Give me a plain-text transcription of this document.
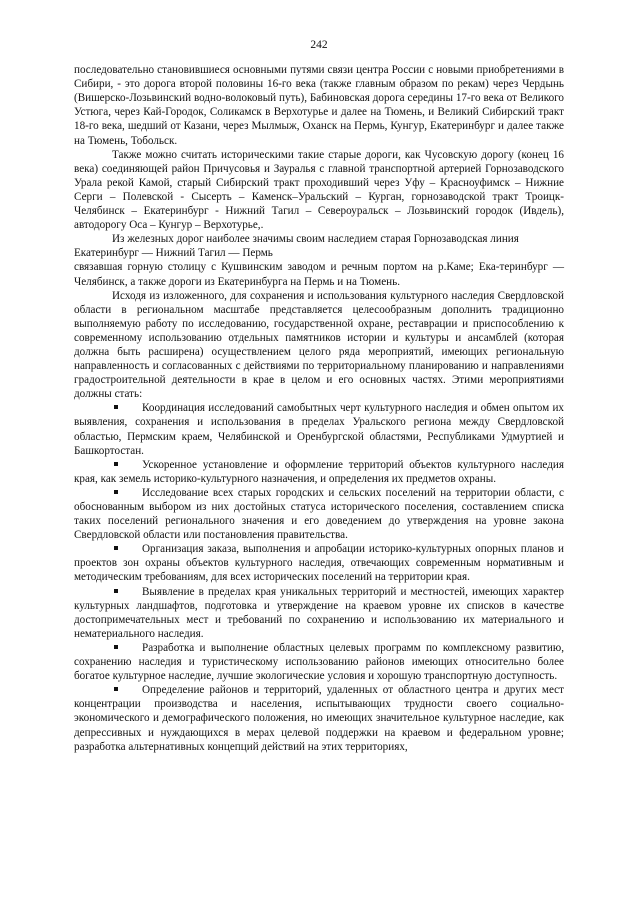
242

последовательно становившиеся основными путями связи центра России с новыми приобретениями в Сибири, - это дорога второй половины 16-го века (также главным образом по рекам) через Чердынь (Вишерско-Лозьвинский водно-волоковый путь), Бабиновская дорога середины 17-го века от Великого Устюга, через Кай-Городок, Соликамск в Верхотурье и далее на Тюмень, и Великий Сибирский тракт 18-го века, шедший от Казани, через Мылмыж, Оханск на Пермь, Кунгур, Екатеринбург и далее также на Тюмень, Тобольск.

Также можно считать историческими такие старые дороги, как Чусовскую дорогу (конец 16 века) соединяющей район Причусовья и Зауралья с главной транспортной артерией Горнозаводского Урала рекой Камой, старый Сибирский тракт проходивший через Уфу – Красноуфимск – Нижние Серги – Полевской - Сысерть – Каменск–Уральский – Курган, горнозаводской тракт Троицк- Челябинск – Екатеринбург - Нижний Тагил – Североуральск – Лозьвинский городок (Ивдель), автодорогу Оса – Кунгур – Верхотурье,.

Из железных дорог наиболее значимы своим наследием старая Горнозаводская линия Екатеринбург — Нижний Тагил — Пермь

связавшая горную столицу с Кушвинским заводом и речным портом на р.Каме; Ека-теринбург — Челябинск, а также дороги из Екатеринбурга на Пермь и на Тюмень.

Исходя из изложенного, для сохранения и использования культурного наследия Свердловской области в региональном масштабе представляется целесообразным дополнить традиционно выполняемую работу по исследованию, государственной охране, реставрации и приспособлению к современному использованию отдельных памятников истории и культуры и ансамблей (которая должна быть расширена) осуществлением целого ряда мероприятий, имеющих региональную направленность и согласованных с действиями по территориальному планированию и направлениями градостроительной деятельности в крае в целом и его основных частях. Этими мероприятиями должны стать:

Координация исследований самобытных черт культурного наследия и обмен опытом их выявления, сохранения и использования в пределах Уральского региона между Свердловской областью, Пермским краем, Челябинской и Оренбургской областями, Республиками Удмуртией и Башкортостан.

Ускоренное установление и оформление территорий объектов культурного наследия края, как земель историко-культурного назначения, и определения их предметов охраны.

Исследование всех старых городских и сельских поселений на территории области, с обоснованным выбором из них достойных статуса исторического поселения, составлением списка таких поселений регионального значения и его доведением до утверждения на уровне закона Свердловской области или постановления правительства.

Организация заказа, выполнения и апробации историко-культурных опорных планов и проектов зон охраны объектов культурного наследия, отвечающих современным нормативным и методическим требованиям, для всех исторических поселений на территории края.

Выявление в пределах края уникальных территорий и местностей, имеющих характер культурных ландшафтов, подготовка и утверждение на краевом уровне их списков в качестве достопримечательных мест и требований по сохранению и использованию их материального и нематериального наследия.

Разработка и выполнение областных целевых программ по комплексному развитию, сохранению наследия и туристическому использованию районов имеющих относительно более богатое культурное наследие, лучшие экологические условия и хорошую транспортную доступность.

Определение районов и территорий, удаленных от областного центра и других мест концентрации производства и населения, испытывающих трудности своего социально-экономического и демографического положения, но имеющих значительное культурное наследие, как депрессивных и нуждающихся в мерах целевой поддержки на краевом и федеральном уровне; разработка альтернативных концепций действий на этих территориях,
